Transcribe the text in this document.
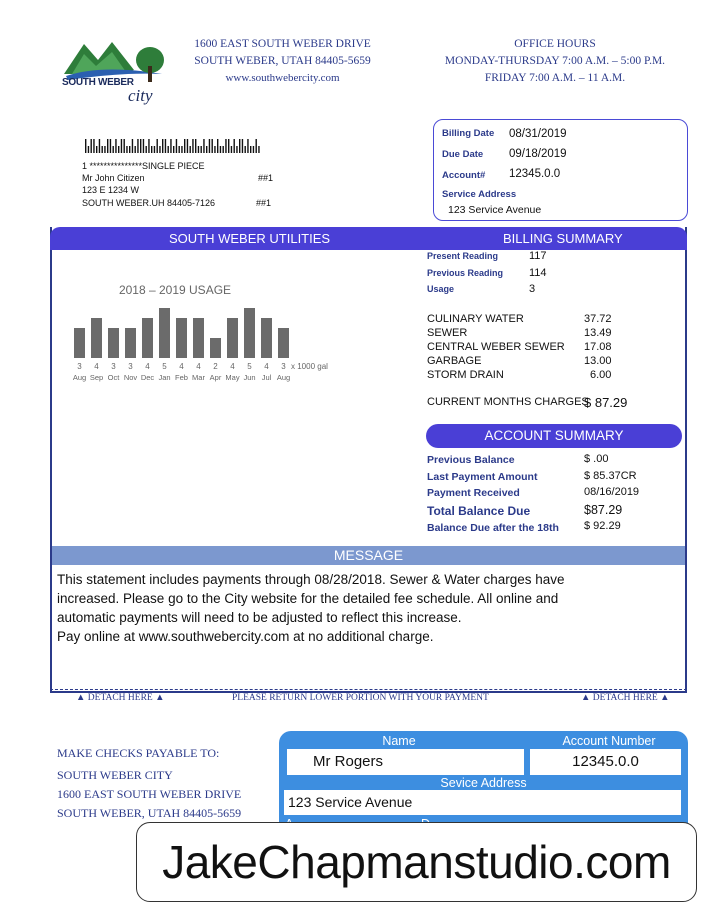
SOUTH WEBER
city
1600 EAST SOUTH WEBER DRIVE
SOUTH WEBER, UTAH 84405-5659
www.southwebercity.com
OFFICE HOURS
MONDAY-THURSDAY 7:00 A.M. – 5:00 P.M.
FRIDAY 7:00 A.M. – 11 A.M.
Billing Date 08/31/2019
Due Date 09/18/2019
Account# 12345.0.0
Service Address
123 Service Avenue
1 ***************SINGLE PIECE
Mr John Citizen	##1
123 E 1234 W
SOUTH WEBER.UH 84405-7126	##1
SOUTH WEBER UTILITIES	BILLING SUMMARY
Present Reading	117
Previous Reading 114
Usage	3
2018 – 2019 USAGE
3
Aug
4
Sep
3
Oct
3
Nov
4
Dec
5
Jan
4
Feb
4
Mar
2
Apr
4
May
5
Jun
4
Jul
3
Aug
x 1000 gal
CULINARY WATER	37.72
SEWER	13.49
CENTRAL WEBER SEWER 17.08
GARBAGE	13.00
STORM DRAIN	6.00
CURRENT MONTHS CHARGES
$ 87.29
ACCOUNT SUMMARY
Previous Balance	$ .00
Last Payment Amount	$ 85.37CR
Payment Received	08/16/2019
Total Balance Due	$87.29
Balance Due after the 18th $ 92.29
MESSAGE
This statement includes payments through 08/28/2018. Sewer & Water charges have
increased. Please go to the City website for the detailed fee schedule. All online and
automatic payments will need to be adjusted to reflect this increase.
Pay online at www.southwebercity.com at no additional charge.
▲ DETACH HERE ▲	PLEASE RETURN LOWER PORTION WITH YOUR PAYMENT	▲ DETACH HERE ▲
MAKE CHECKS PAYABLE TO:
SOUTH WEBER CITY
1600 EAST SOUTH WEBER DRIVE
SOUTH WEBER, UTAH 84405-5659
Name	Account Number
Mr Rogers	12345.0.0
Sevice Address
123 Service Avenue
JakeChapmanstudio.com
